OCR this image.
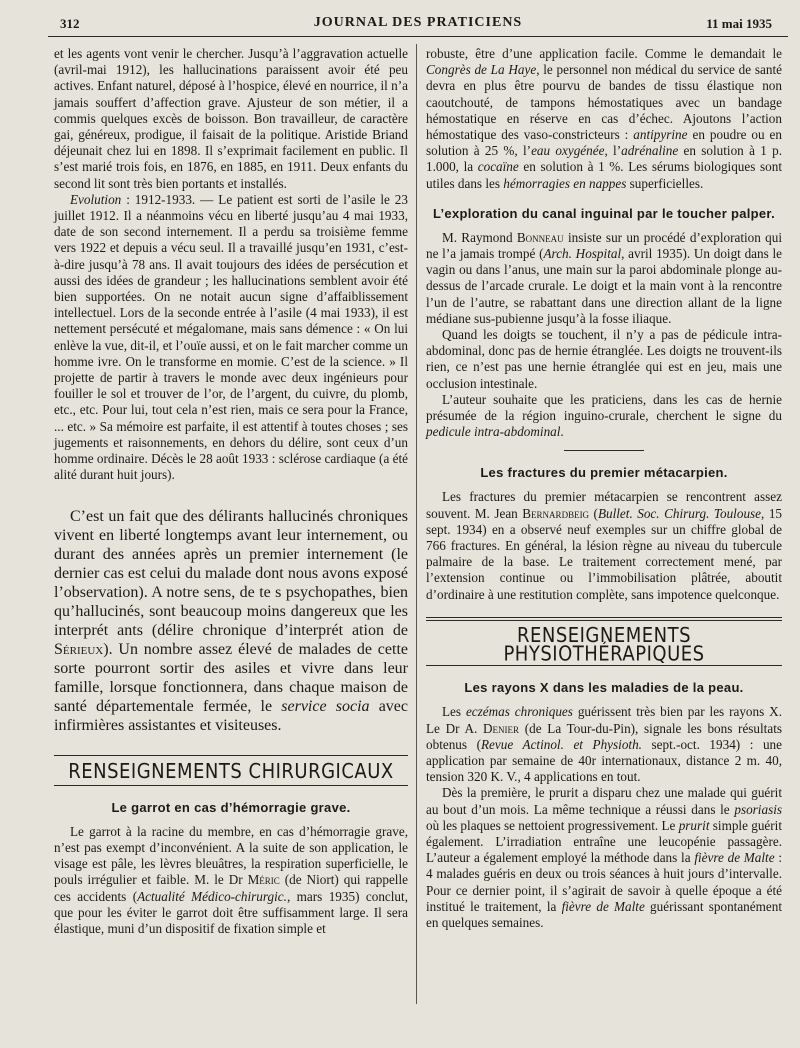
312	JOURNAL DES PRATICIENS	11 mai 1935

et les agents vont venir le chercher. Jusqu’à l’aggravation actuelle (avril-mai 1912), les hallucinations paraissent avoir été peu actives. Enfant naturel, déposé à l’hospice, élevé en nourrice, il n’a jamais souffert d’affection grave. Ajusteur de son métier, il a commis quelques excès de boisson. Bon travailleur, de caractère gai, généreux, prodigue, il faisait de la politique. Aristide Briand déjeunait chez lui en 1898. Il s’exprimait facilement en public. Il s’est marié trois fois, en 1876, en 1885, en 1911. Deux enfants du second lit sont très bien portants et installés.

Evolution : 1912-1933. — Le patient est sorti de l’asile le 23 juillet 1912. Il a néanmoins vécu en liberté jusqu’au 4 mai 1933, date de son second internement. Il a perdu sa troisième femme vers 1922 et depuis a vécu seul. Il a travaillé jusqu’en 1931, c’est-à-dire jusqu’à 78 ans. Il avait toujours des idées de persécution et aussi des idées de grandeur ; les hallucinations semblent avoir été bien supportées. On ne notait aucun signe d’affaiblissement intellectuel. Lors de la seconde entrée à l’asile (4 mai 1933), il est nettement persécuté et mégalomane, mais sans démence : « On lui enlève la vue, dit-il, et l’ouïe aussi, et on le fait marcher comme un homme ivre. On le transforme en momie. C’est de la science. » Il projette de partir à travers le monde avec deux ingénieurs pour fouiller le sol et trouver de l’or, de l’argent, du cuivre, du plomb, etc., etc. Pour lui, tout cela n’est rien, mais ce sera pour la France, ... etc. » Sa mémoire est parfaite, il est attentif à toutes choses ; ses jugements et raisonnements, en dehors du délire, sont ceux d’un homme ordinaire. Décès le 28 août 1933 : sclérose cardiaque (a été alité durant huit jours).

C’est un fait que des délirants hallucinés chroniques vivent en liberté longtemps avant leur internement, ou durant des années après un premier internement (le dernier cas est celui du malade dont nous avons exposé l’observation). A notre sens, de te s psychopathes, bien qu’hallucinés, sont beaucoup moins dangereux que les interprét ants (délire chronique d’interprét ation de Sérieux). Un nombre assez élevé de malades de cette sorte pourront sortir des asiles et vivre dans leur famille, lorsque fonctionnera, dans chaque maison de santé départementale fermée, le service socia avec infirmières assistantes et visiteuses.

RENSEIGNEMENTS CHIRURGICAUX
Le garrot en cas d’hémorragie grave.

Le garrot à la racine du membre, en cas d’hémorragie grave, n’est pas exempt d’inconvénient. A la suite de son application, le visage est pâle, les lèvres bleuâtres, la respiration superficielle, le pouls irrégulier et faible. M. le Dr Méric (de Niort) qui rappelle ces accidents (Actualité Médico-chirurgic., mars 1935) conclut, que pour les éviter le garrot doit être suffisamment large. Il sera élastique, muni d’un dispositif de fixation simple et

robuste, être d’une application facile. Comme le demandait le Congrès de La Haye, le personnel non médical du service de santé devra en plus être pourvu de bandes de tissu élastique non caoutchouté, de tampons hémostatiques avec un bandage hémostatique en réserve en cas d’échec. Ajoutons l’action hémostatique des vaso-constricteurs : antipyrine en poudre ou en solution à 25 %, l’eau oxygénée, l’adrénaline en solution à 1 p. 1.000, la cocaïne en solution à 1 %. Les sérums biologiques sont utiles dans les hémorragies en nappes superficielles.

L’exploration du canal inguinal par le toucher palper.

M. Raymond Bonneau insiste sur un procédé d’exploration qui ne l’a jamais trompé (Arch. Hospital, avril 1935). Un doigt dans le vagin ou dans l’anus, une main sur la paroi abdominale plonge au-dessus de l’arcade crurale. Le doigt et la main vont à la rencontre l’un de l’autre, se rabattant dans une direction allant de la ligne médiane sus-pubienne jusqu’à la fosse iliaque.

Quand les doigts se touchent, il n’y a pas de pédicule intra-abdominal, donc pas de hernie étranglée. Les doigts ne trouvent-ils rien, ce n’est pas une hernie étranglée qui est en jeu, mais une occlusion intestinale.

L’auteur souhaite que les praticiens, dans les cas de hernie présumée de la région inguino-crurale, cherchent le signe du pedicule intra-abdominal.

Les fractures du premier métacarpien.

Les fractures du premier métacarpien se rencontrent assez souvent. M. Jean Bernardbeig (Bullet. Soc. Chirurg. Toulouse, 15 sept. 1934) en a observé neuf exemples sur un chiffre global de 766 fractures. En général, la lésion règne au niveau du tubercule palmaire de la base. Le traitement correctement mené, par l’extension continue ou l’immobilisation plâtrée, aboutit d’ordinaire à une restitution complète, sans impotence quelconque.

RENSEIGNEMENTS PHYSIOTHÉRAPIQUES
Les rayons X dans les maladies de la peau.

Les eczémas chroniques guérissent très bien par les rayons X. Le Dr A. Denier (de La Tour-du-Pin), signale les bons résultats obtenus (Revue Actinol. et Physioth. sept.-oct. 1934) : une application par semaine de 40r internationaux, distance 2 m. 40, tension 320 K. V., 4 applications en tout.

Dès la première, le prurit a disparu chez une malade qui guérit au bout d’un mois. La même technique a réussi dans le psoriasis où les plaques se nettoient progressivement. Le prurit simple guérit également. L’irradiation entraîne une leucopénie passagère. L’auteur a également employé la méthode dans la fièvre de Malte : 4 malades guéris en deux ou trois séances à huit jours d’intervalle. Pour ce dernier point, il s’agirait de savoir à quelle époque a été institué le traitement, la fièvre de Malte guérissant spontanément en quelques semaines.
